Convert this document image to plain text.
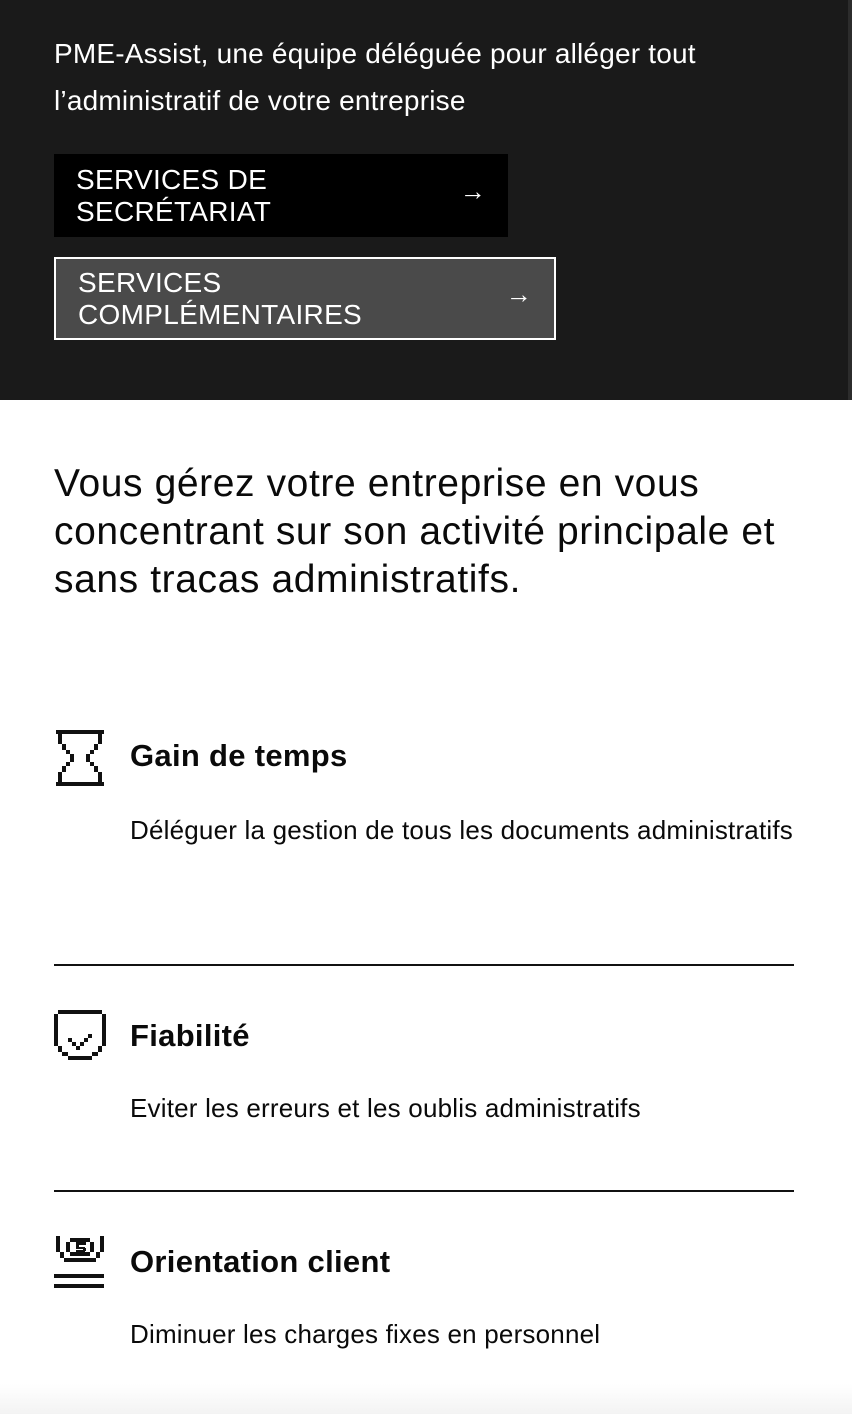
PME-Assist, une équipe déléguée pour alléger tout l’administratif de votre entreprise

SERVICES DE SECRÉTARIAT
→
SERVICES COMPLÉMENTAIRES
→
Vous gérez votre entreprise en vous concentrant sur son activité principale et sans tracas administratifs.
Gain de temps

Déléguer la gestion de tous les documents administratifs

Fiabilité

Eviter les erreurs et les oublis administratifs

Orientation client

Diminuer les charges fixes en personnel
